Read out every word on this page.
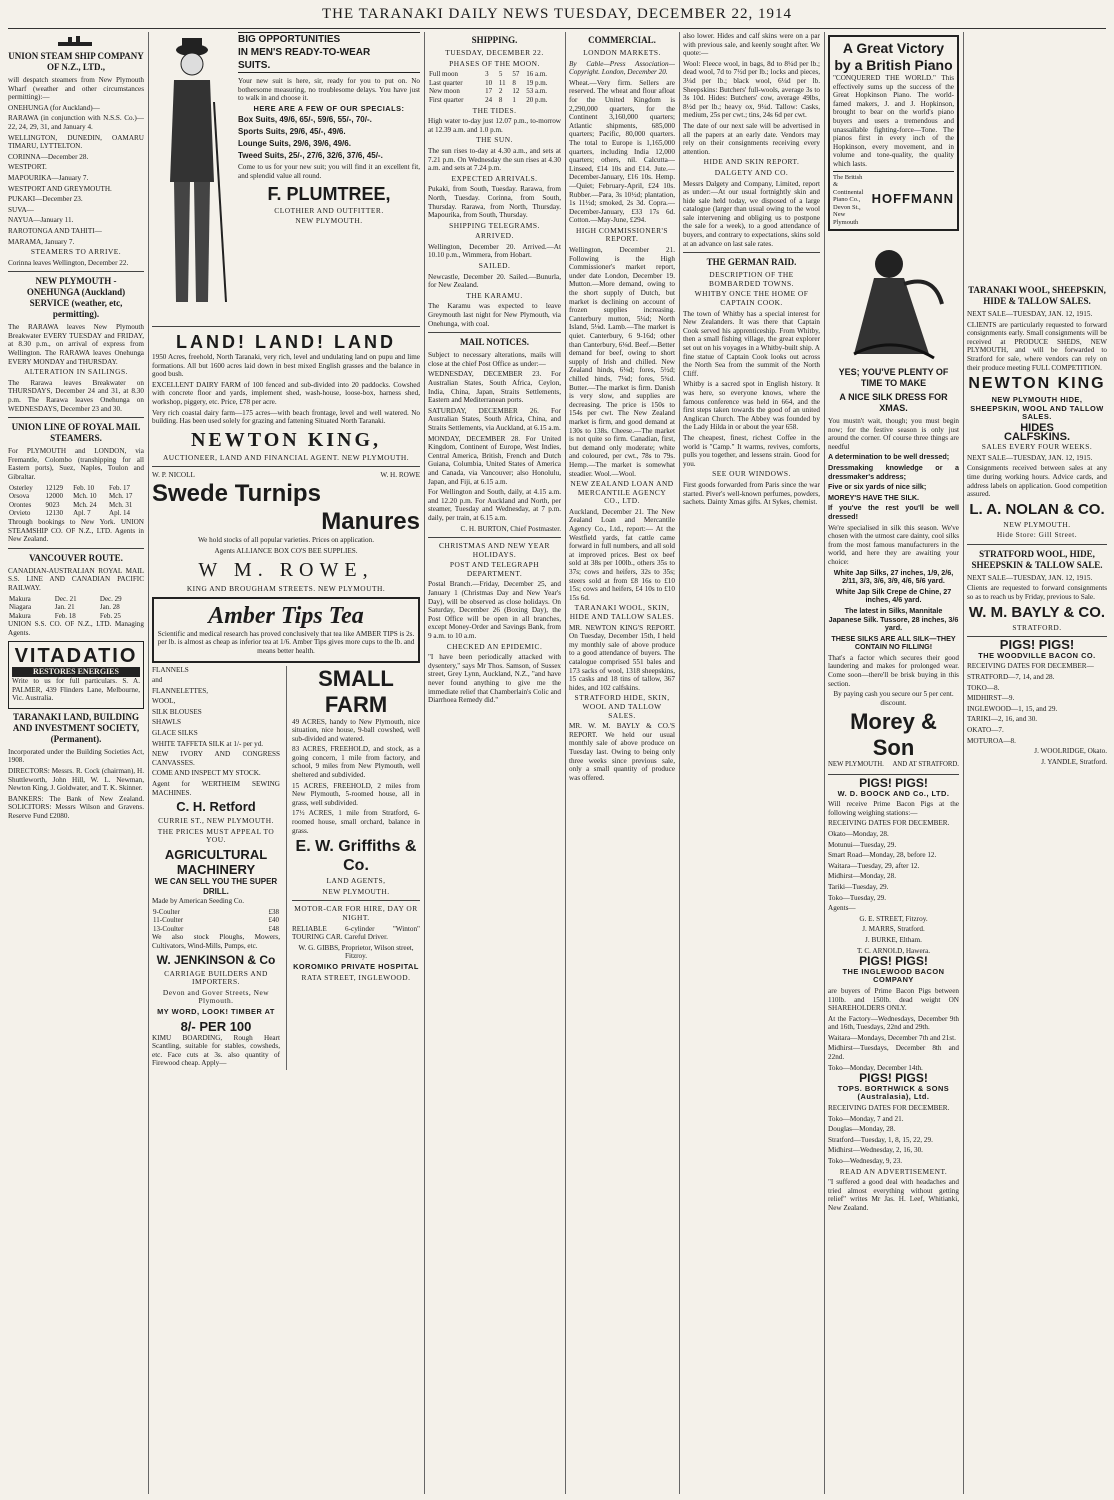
THE TARANAKI DAILY NEWS TUESDAY, DECEMBER 22, 1914
UNION STEAM SHIP COMPANY OF N.Z., LTD.,

will despatch steamers from New Plymouth Wharf (weather and other circumstances permitting):—

ONEHUNGA (for Auckland)—

RARAWA (in conjunction with N.S.S. Co.)—22, 24, 29, 31, and January 4.

WELLINGTON, DUNEDIN, OAMARU TIMARU, LYTTELTON.

CORINNA—December 28.

WESTPORT.

MAPOURIKA—January 7.

WESTPORT AND GREYMOUTH.

PUKAKI—December 23.

SUVA—

NAYUA—January 11.

RAROTONGA AND TAHITI—

MARAMA, January 7.

STEAMERS TO ARRIVE.

Corinna leaves Wellington, December 22.

NEW PLYMOUTH - ONEHUNGA (Auckland) SERVICE (weather, etc, permitting).

The RARAWA leaves New Plymouth Breakwater EVERY TUESDAY and FRIDAY, at 8.30 p.m., on arrival of express from Wellington. The RARAWA leaves Onehunga EVERY MONDAY and THURSDAY.

ALTERATION IN SAILINGS.

The Rarawa leaves Breakwater on THURSDAYS, December 24 and 31, at 8.30 p.m. The Rarawa leaves Onehunga on WEDNESDAYS, December 23 and 30.

UNION LINE OF ROYAL MAIL STEAMERS.

For PLYMOUTH and LONDON, via Fremantle, Colombo (transhipping for all Eastern ports), Suez, Naples, Toulon and Gibraltar.

Osterley	12129	Feb. 10	Feb. 17
Orsova	12000	Mch. 10	Mch. 17
Orontes	9023	Mch. 24	Mch. 31
Orvieto	12130	Apl. 7	Apl. 14

Through bookings to New York. UNION STEAMSHIP CO. OF N.Z., LTD. Agents in New Zealand.

VANCOUVER ROUTE.

CANADIAN-AUSTRALIAN ROYAL MAIL S.S. LINE AND CANADIAN PACIFIC RAILWAY.

Makura	Dec. 21	Dec. 29
Niagara	Jan. 21	Jan. 28
Makura	Feb. 18	Feb. 25

UNION S.S. CO. OF N.Z., LTD. Managing Agents.

VITADATIO
RESTORES ENERGIES

Write to us for full particulars. S. A. PALMER, 439 Flinders Lane, Melbourne, Vic. Australia.

TARANAKI LAND, BUILDING AND INVESTMENT SOCIETY, (Permanent).

Incorporated under the Building Societies Act, 1908.

DIRECTORS: Messrs. R. Cock (chairman), H. Shuttleworth, John Hill, W. L. Newman, Newton King, J. Goldwater, and T. K. Skinner.

BANKERS: The Bank of New Zealand. SOLICITORS: Messrs Wilson and Gravens. Reserve Fund £2080.

BIG OPPORTUNITIES
IN MEN'S READY-TO-WEAR
SUITS.

Your new suit is here, sir, ready for you to put on. No bothersome measuring, no troublesome delays. You have just to walk in and choose it.

HERE ARE A FEW OF OUR SPECIALS:

Box Suits, 49/6, 65/-, 59/6, 55/-, 70/-.

Sports Suits, 29/6, 45/-, 49/6.

Lounge Suits, 29/6, 39/6, 49/6.

Tweed Suits, 25/-, 27/6, 32/6, 37/6, 45/-.

Come to us for your new suit; you will find it an excellent fit, and splendid value all round.

F. PLUMTREE,
CLOTHIER AND OUTFITTER.
NEW PLYMOUTH.
LAND! LAND! LAND

1950 Acres, freehold, North Taranaki, very rich, level and undulating land on pupu and lime formations. All but 1600 acres laid down in best mixed English grasses and the balance in good bush.

EXCELLENT DAIRY FARM of 100 fenced and sub-divided into 20 paddocks. Cowshed with concrete floor and yards, implement shed, wash-house, loose-box, harness shed, workshop, piggery, etc. Price, £78 per acre.

Very rich coastal dairy farm—175 acres—with beach frontage, level and well watered. No building. Has been used solely for grazing and fattening Situated North Taranaki.

NEWTON KING,
AUCTIONEER, LAND AND FINANCIAL AGENT. NEW PLYMOUTH.
W. P. NICOLL	W. H. ROWE
Swede Turnips
Manures

We hold stocks of all popular varieties. Prices on application.

Agents ALLIANCE BOX CO'S BEE SUPPLIES.

W M. ROWE,
KING AND BROUGHAM STREETS. NEW PLYMOUTH.
Amber Tips Tea

Scientific and medical research has proved conclusively that tea like AMBER TIPS is 2s. per lb. is almost as cheap as inferior tea at 1/6. Amber Tips gives more cups to the lb. and means better health.

FLANNELS

and

FLANNELETTES,

WOOL,

SILK BLOUSES

SHAWLS

GLACE SILKS

WHITE TAFFETA SILK at 1/- per yd.

NEW IVORY AND CONGRESS CANVASSES.

COME AND INSPECT MY STOCK.

Agent for WERTHEIM SEWING MACHINES.

C. H. Retford
CURRIE ST., NEW PLYMOUTH.
THE PRICES MUST APPEAL TO YOU.
AGRICULTURAL MACHINERY
WE CAN SELL YOU THE SUPER DRILL.

Made by American Seeding Co.

9-Coulter	£38
11-Coulter	£40
13-Coulter	£48

We also stock Ploughs, Mowers, Cultivators, Wind-Mills, Pumps, etc.

W. JENKINSON & Co
CARRIAGE BUILDERS AND IMPORTERS.
Devon and Gover Streets, New Plymouth.
MY WORD, LOOK! TIMBER AT
8/- PER 100

KIMU BOARDING, Rough Heart Scantling, suitable for stables, cowsheds, etc. Face cuts at 3s. also quantity of Firewood cheap. Apply—

SMALL FARM

49 ACRES, handy to New Plymouth, nice situation, nice house, 9-ball cowshed, well sub-divided and watered.

83 ACRES, FREEHOLD, and stock, as a going concern, 1 mile from factory, and school, 9 miles from New Plymouth, well sheltered and subdivided.

15 ACRES, FREEHOLD, 2 miles from New Plymouth, 5-roomed house, all in grass, well subdivided.

17½ ACRES, 1 mile from Stratford, 6-roomed house, small orchard, balance in grass.

E. W. Griffiths & Co.
LAND AGENTS,
NEW PLYMOUTH.
MOTOR-CAR FOR HIRE, DAY OR NIGHT.

RELIABLE 6-cylinder "Winton" TOURING CAR. Careful Driver.

W. G. GIBBS, Proprietor, Wilson street, Fitzroy.

KOROMIKO PRIVATE HOSPITAL
RATA STREET, INGLEWOOD.
SHIPPING.
TUESDAY, DECEMBER 22.
PHASES OF THE MOON.
Full moon	3	5	57	16 a.m.
Last quarter	10	11	8	19 p.m.
New moon	17	2	12	53 a.m.
First quarter	24	8	1	20 p.m.
THE TIDES.

High water to-day just 12.07 p.m., to-morrow at 12.39 a.m. and 1.0 p.m.

THE SUN.

The sun rises to-day at 4.30 a.m., and sets at 7.21 p.m. On Wednesday the sun rises at 4.30 a.m. and sets at 7.24 p.m.

EXPECTED ARRIVALS.

Pukaki, from South, Tuesday. Rarawa, from North, Tuesday. Corinna, from South, Thursday. Rarawa, from North, Thursday. Mapourika, from South, Thursday.

SHIPPING TELEGRAMS.
ARRIVED.

Wellington, December 20. Arrived.—At 10.10 p.m., Wimmera, from Hobart.

SAILED.

Newcastle, December 20. Sailed.—Bunurla, for New Zealand.

THE KARAMU.

The Karamu was expected to leave Greymouth last night for New Plymouth, via Onehunga, with coal.

MAIL NOTICES.

Subject to necessary alterations, mails will close at the chief Post Office as under:—

WEDNESDAY, DECEMBER 23. For Australian States, South Africa, Ceylon, India, China, Japan, Straits Settlements, Eastern and Mediterranean ports.

SATURDAY, DECEMBER 26. For Australian States, South Africa, China, and Straits Settlements, via Auckland, at 6.15 a.m.

MONDAY, DECEMBER 28. For United Kingdom, Continent of Europe, West Indies, Central America, British, French and Dutch Guiana, Columbia, United States of America and Canada, via Vancouver; also Honolulu, Japan, and Fiji, at 6.15 a.m.

For Wellington and South, daily, at 4.15 a.m. and 12.20 p.m. For Auckland and North, per steamer, Tuesday and Wednesday, at 7 p.m. daily, per train, at 6.15 a.m.

C. H. BURTON, Chief Postmaster.

CHRISTMAS AND NEW YEAR HOLIDAYS.
POST AND TELEGRAPH DEPARTMENT.

Postal Branch.—Friday, December 25, and January 1 (Christmas Day and New Year's Day), will be observed as close holidays. On Saturday, December 26 (Boxing Day), the Post Office will be open in all branches, except Money-Order and Savings Bank, from 9 a.m. to 10 a.m.

CHECKED AN EPIDEMIC.

"I have been periodically attacked with dysentery," says Mr Thos. Samson, of Sussex street, Grey Lynn, Auckland, N.Z., "and have never found anything to give me the immediate relief that Chamberlain's Colic and Diarrhoea Remedy did."

COMMERCIAL.
LONDON MARKETS.

By Cable—Press Association—Copyright. London, December 20.

Wheat.—Very firm. Sellers are reserved. The wheat and flour afloat for the United Kingdom is 2,290,000 quarters, for the Continent 3,160,000 quarters; Atlantic shipments, 685,000 quarters; Pacific, 80,000 quarters. The total to Europe is 1,165,000 quarters, including India 12,000 quarters; others, nil. Calcutta—Linseed, £14 10s and £14. Jute.—December-January, £16 10s. Hemp.—Quiet; February-April, £24 10s. Rubber.—Para, 3s 10½d; plantation, 1s 11½d; smoked, 2s 3d. Copra.—December-January, £33 17s 6d. Cotton.—May-June, £294.

HIGH COMMISSIONER'S REPORT.

Wellington, December 21. Following is the High Commissioner's market report, under date London, December 19. Mutton.—More demand, owing to the short supply of Dutch, but market is declining on account of frozen supplies increasing. Canterbury mutton, 5¼d; North Island, 5⅛d. Lamb.—The market is quiet. Canterbury, 6 9-16d; other than Canterbury, 6⅛d. Beef.—Better demand for beef, owing to short supply of Irish and chilled. New Zealand hinds, 6⅛d; fores, 5½d; chilled hinds, 7⅛d; fores, 5¾d. Butter.—The market is firm. Danish is very slow, and supplies are decreasing. The price is 150s to 154s per cwt. The New Zealand market is firm, and good demand at 130s to 138s. Cheese.—The market is not quite so firm. Canadian, first, but demand only moderate; white and coloured, per cwt., 78s to 79s. Hemp.—The market is somewhat steadier. Wool.—Wool.

NEW ZEALAND LOAN AND MERCANTILE AGENCY CO., LTD.

Auckland, December 21. The New Zealand Loan and Mercantile Agency Co., Ltd., report:— At the Westfield yards, fat cattle came forward in full numbers, and all sold at improved prices. Best ox beef sold at 38s per 100lb., others 35s to 37s; cows and heifers, 32s to 35s; steers sold at from £8 16s to £10 15s; cows and heifers, £4 10s to £10 15s 6d.

TARANAKI WOOL, SKIN, HIDE AND TALLOW SALES.

MR. NEWTON KING'S REPORT. On Tuesday, December 15th, I held my monthly sale of above produce to a good attendance of buyers. The catalogue comprised 551 bales and 173 sacks of wool, 1318 sheepskins, 15 casks and 18 tins of tallow, 367 hides, and 102 calfskins.

STRATFORD HIDE, SKIN, WOOL AND TALLOW SALES.

MR. W. M. BAYLY & CO.'S REPORT. We held our usual monthly sale of above produce on Tuesday last. Owing to being only three weeks since previous sale, only a small quantity of produce was offered.

also lower. Hides and calf skins were on a par with previous sale, and keenly sought after. We quote:—

Wool: Fleece wool, in bags, 8d to 8¼d per lb.; dead wool, 7d to 7½d per lb.; locks and pieces, 3¼d per lb.; black wool, 6¼d per lb. Sheepskins: Butchers' full-wools, average 3s to 3s 10d. Hides: Butchers' cow, average 49lbs, 8½d per lb.; heavy ox, 9¼d. Tallow: Casks, medium, 25s per cwt.; tins, 24s 6d per cwt.

The date of our next sale will be advertised in all the papers at an early date. Vendors may rely on their consignments receiving every attention.

HIDE AND SKIN REPORT.
DALGETY AND CO.

Messrs Dalgety and Company, Limited, report as under:—At our usual fortnightly skin and hide sale held today, we disposed of a large catalogue (larger than usual owing to the wool sale intervening and obliging us to postpone the sale for a week), to a good attendance of buyers, and contrary to expectations, skins sold at an advance on last sale rates.

THE GERMAN RAID.
DESCRIPTION OF THE BOMBARDED TOWNS.
WHITBY ONCE THE HOME OF CAPTAIN COOK.

The town of Whitby has a special interest for New Zealanders. It was there that Captain Cook served his apprenticeship. From Whitby, then a small fishing village, the great explorer set out on his voyages in a Whitby-built ship. A fine statue of Captain Cook looks out across the North Sea from the summit of the North Cliff.

Whitby is a sacred spot in English history. It was here, so everyone knows, where the famous conference was held in 664, and the first steps taken towards the good of an united Anglican Church. The Abbey was founded by the Lady Hilda in or about the year 658.

The cheapest, finest, richest Coffee in the world is "Camp." It warms, revives, comforts, pulls you together, and lessens strain. Good for you.

SEE OUR WINDOWS.

First goods forwarded from Paris since the war started. Piver's well-known perfumes, powders, sachets. Dainty Xmas gifts. At Sykes, chemist.

A Great Victory by a British Piano

"CONQUERED THE WORLD." This effectively sums up the success of the Great Hopkinson Piano. The world-famed makers, J. and J. Hopkinson, brought to bear on the world's piano buyers and users a tremendous and unassailable fighting-force—Tone. The pianos first in every inch of the Hopkinson, every movement, and in volume and tone-quality, the quality which lasts.

The British & Continental Piano Co., Devon St., New Plymouth
HOFFMANN
YES; YOU'VE PLENTY OF TIME TO MAKE
A NICE SILK DRESS FOR XMAS.

You mustn't wait, though; you must begin now; for the festive season is only just around the corner. Of course three things are needful

A determination to be well dressed;

Dressmaking knowledge or a dressmaker's address;

Five or six yards of nice silk;

MOREY'S HAVE THE SILK.

If you've the rest you'll be well dressed!

We're specialised in silk this season. We've chosen with the utmost care dainty, cool silks from the most famous manufacturers in the world, and here they are awaiting your choice:

White Jap Silks, 27 inches, 1/9, 2/6, 2/11, 3/3, 3/6, 3/9, 4/6, 5/6 yard.

White Jap Silk Crepe de Chine, 27 inches, 4/6 yard.

The latest in Silks, Mannitale Japanese Silk. Tussore, 28 inches, 3/6 yard.

THESE SILKS ARE ALL SILK—THEY CONTAIN NO FILLING!

That's a factor which secures their good laundering and makes for prolonged wear. Come soon—there'll be brisk buying in this section.

By paying cash you secure our 5 per cent. discount.

Morey & Son
NEW PLYMOUTH. AND AT STRATFORD.
PIGS! PIGS!
W. D. BOOCK AND Co., LTD.

Will receive Prime Bacon Pigs at the following weighing stations:—

RECEIVING DATES FOR DECEMBER.

Okato—Monday, 28.

Motunui—Tuesday, 29.

Smart Road—Monday, 28, before 12.

Waitara—Tuesday, 29, after 12.

Midhirst—Monday, 28.

Tariki—Tuesday, 29.

Toko—Tuesday, 29.

Agents—

G. E. STREET, Fitzroy.

J. MARRS, Stratford.

J. BURKE, Eltham.

T. C. ARNOLD, Hawera.

PIGS! PIGS!
THE INGLEWOOD BACON COMPANY

are buyers of Prime Bacon Pigs between 110lb. and 150lb. dead weight ON SHAREHOLDERS ONLY.

At the Factory—Wednesdays, December 9th and 16th, Tuesdays, 22nd and 29th.

Waitara—Mondays, December 7th and 21st.

Midhirst—Tuesdays, December 8th and 22nd.

Toko—Monday, December 14th.

PIGS! PIGS!
TOPS. BORTHWICK & SONS (Australasia), Ltd.

RECEIVING DATES FOR DECEMBER.

Toko—Monday, 7 and 21.

Douglas—Monday, 28.

Stratford—Tuesday, 1, 8, 15, 22, 29.

Midhirst—Wednesday, 2, 16, 30.

Toko—Wednesday, 9, 23.

READ AN ADVERTISEMENT.

"I suffered a good deal with headaches and tried almost everything without getting relief" writes Mr Jas. H. Leef, Whitianki, New Zealand.

TARANAKI WOOL, SHEEPSKIN, HIDE & TALLOW SALES.

NEXT SALE—TUESDAY, JAN. 12, 1915.

CLIENTS are particularly requested to forward consignments early. Small consignments will be received at PRODUCE SHEDS, NEW PLYMOUTH, and will be forwarded to Stratford for sale, where vendors can rely on their produce meeting FULL COMPETITION.

NEWTON KING
NEW PLYMOUTH HIDE, SHEEPSKIN, WOOL AND TALLOW SALES.
HIDES
CALFSKINS.
SALES EVERY FOUR WEEKS.

NEXT SALE—TUESDAY, JAN. 12, 1915.

Consignments received between sales at any time during working hours. Advice cards, and address labels on application. Good competition assured.

L. A. NOLAN & CO.
NEW PLYMOUTH.
Hide Store: Gill Street.
STRATFORD WOOL, HIDE, SHEEPSKIN & TALLOW SALE.

NEXT SALE—TUESDAY, JAN. 12, 1915.

Clients are requested to forward consignments so as to reach us by Friday, previous to Sale.

W. M. BAYLY & CO.
STRATFORD.
PIGS! PIGS!
THE WOODVILLE BACON CO.

RECEIVING DATES FOR DECEMBER—

STRATFORD—7, 14, and 28.

TOKO—8.

MIDHIRST—9.

INGLEWOOD—1, 15, and 29.

TARIKI—2, 16, and 30.

OKATO—7.

MOTUROA—8.

J. WOOLRIDGE, Okato.

J. YANDLE, Stratford.
